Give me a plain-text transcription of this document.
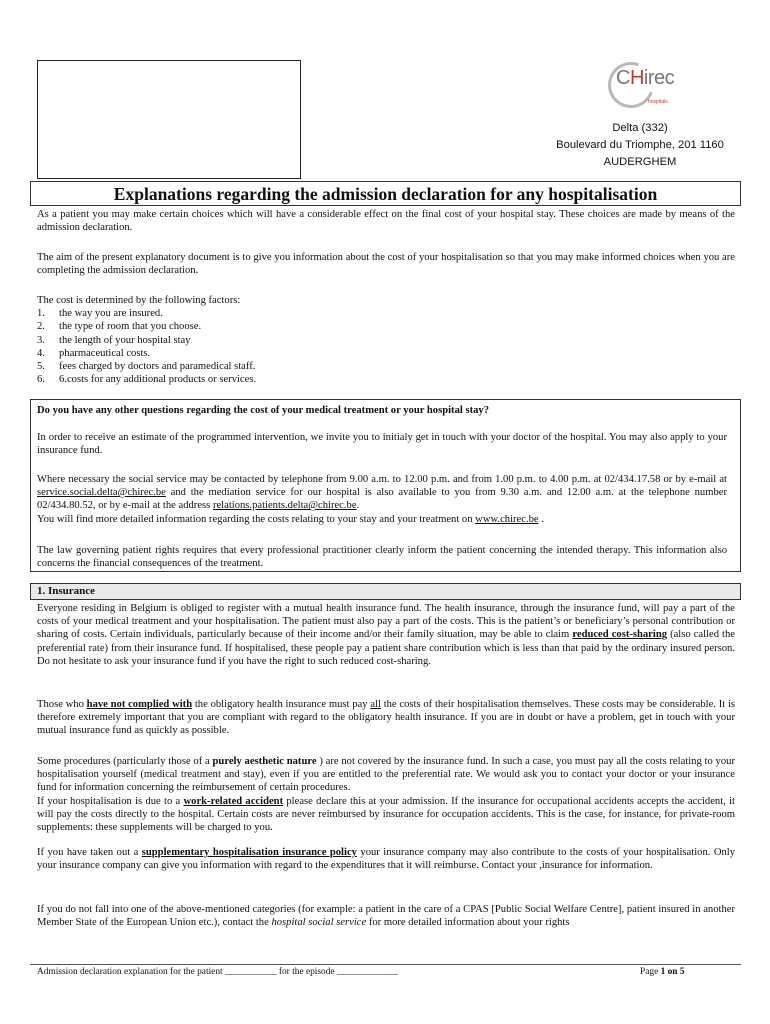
CHirec
hospitals
Delta (332)
Boulevard du Triomphe, 201 1160
AUDERGHEM
Explanations regarding the admission declaration for any hospitalisation
As a patient you may make certain choices which will have a considerable effect on the final cost of your hospital stay. These choices are made by means of the admission declaration.
The aim of the present explanatory document is to give you information about the cost of your hospitalisation so that you may make informed choices when you are completing the admission declaration.
The cost is determined by the following factors:
1.	the way you are insured.
2.	the type of room that you choose.
3.	the length of your hospital stay
4.	pharmaceutical costs.
5.	fees charged by doctors and paramedical staff.
6.	6.costs for any additional products or services.
Do you have any other questions regarding the cost of your medical treatment or your hospital stay?
In order to receive an estimate of the programmed intervention, we invite you to initialy get in touch with your doctor of the hospital. You may also apply to your insurance fund.
Where necessary the social service may be contacted by telephone from 9.00 a.m. to 12.00 p.m. and from 1.00 p.m. to 4.00 p.m. at 02/434.17.58 or by e-mail at service.social.delta@chirec.be and the mediation service for our hospital is also available to you from 9.30 a.m. and 12.00 a.m. at the telephone number 02/434.80.52, or by e-mail at the address relations.patients.delta@chirec.be.
You will find more detailed information regarding the costs relating to your stay and your treatment on www.chirec.be .
The law governing patient rights requires that every professional practitioner clearly inform the patient concerning the intended therapy. This information also concerns the financial consequences of the treatment.
1. Insurance
Everyone residing in Belgium is obliged to register with a mutual health insurance fund. The health insurance, through the insurance fund, will pay a part of the costs of your medical treatment and your hospitalisation. The patient must also pay a part of the costs. This is the patient’s or beneficiary’s personal contribution or sharing of costs. Certain individuals, particularly because of their income and/or their family situation, may be able to claim reduced cost-sharing (also called the preferential rate) from their insurance fund. If hospitalised, these people pay a patient share contribution which is less than that paid by the ordinary insured person. Do not hesitate to ask your insurance fund if you have the right to such reduced cost-sharing.
Those who have not complied with the obligatory health insurance must pay all the costs of their hospitalisation themselves. These costs may be considerable. It is therefore extremely important that you are compliant with regard to the obligatory health insurance. If you are in doubt or have a problem, get in touch with your mutual insurance fund as quickly as possible.
Some procedures (particularly those of a purely aesthetic nature ) are not covered by the insurance fund. In such a case, you must pay all the costs relating to your hospitalisation yourself (medical treatment and stay), even if you are entitled to the preferential rate. We would ask you to contact your doctor or your insurance fund for information concerning the reimbursement of certain procedures.
If your hospitalisation is due to a work-related accident please declare this at your admission. If the insurance for occupational accidents accepts the accident, it will pay the costs directly to the hospital. Certain costs are never reimbursed by insurance for occupation accidents. This is the case, for instance, for private-room supplements: these supplements will be charged to you.
If you have taken out a supplementary hospitalisation insurance policy your insurance company may also contribute to the costs of your hospitalisation. Only your insurance company can give you information with regard to the expenditures that it will reimburse. Contact your ,insurance for information.
If you do not fall into one of the above-mentioned categories (for example: a patient in the care of a CPAS [Public Social Welfare Centre], patient insured in another Member State of the European Union etc.), contact the hospital social service for more detailed information about your rights
Admission declaration explanation for the patient ___________ for the episode _____________	Page 1 on 5
